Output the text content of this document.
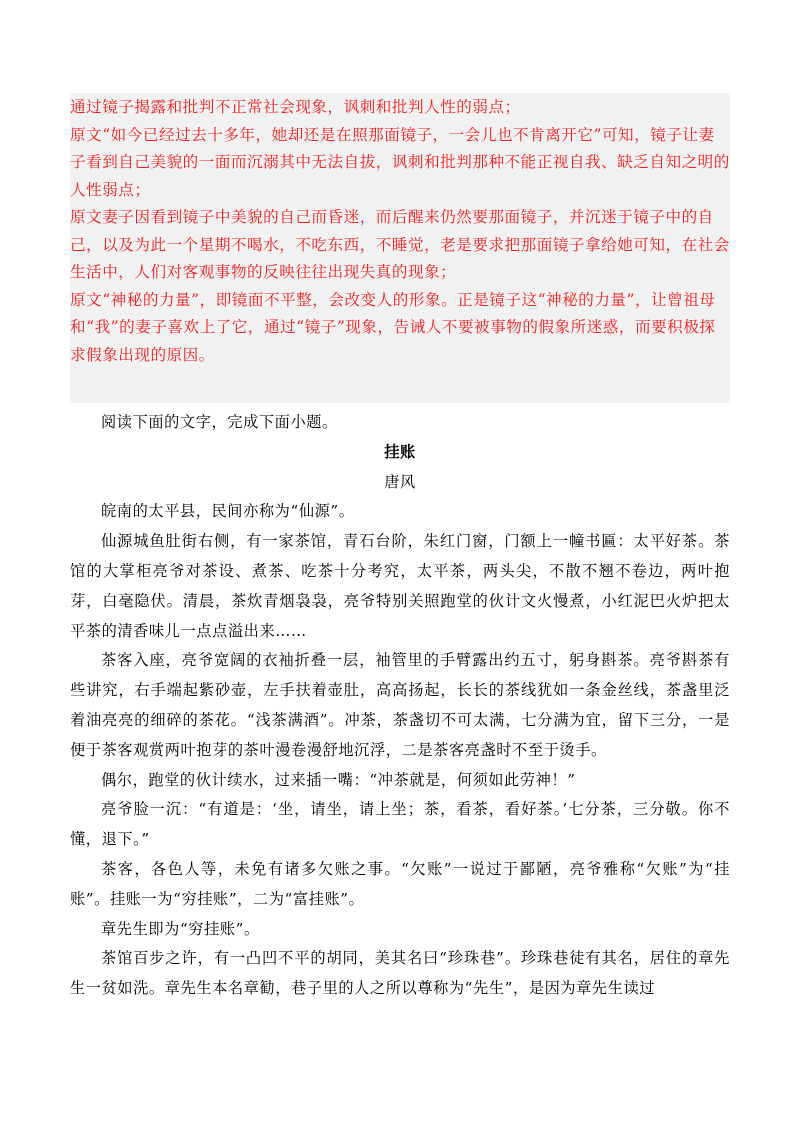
通过镜子揭露和批判不正常社会现象，讽刺和批判人性的弱点；

原文“如今已经过去十多年，她却还是在照那面镜子，一会儿也不肯离开它”可知，镜子让妻子看到自己美貌的一面而沉溺其中无法自拔，讽刺和批判那种不能正视自我、缺乏自知之明的人性弱点；

原文妻子因看到镜子中美貌的自己而昏迷，而后醒来仍然要那面镜子，并沉迷于镜子中的自己，以及为此一个星期不喝水，不吃东西，不睡觉，老是要求把那面镜子拿给她可知，在社会生活中，人们对客观事物的反映往往出现失真的现象；

原文“神秘的力量”，即镜面不平整，会改变人的形象。正是镜子这“神秘的力量”，让曾祖母和“我”的妻子喜欢上了它，通过“镜子”现象，告诫人不要被事物的假象所迷惑，而要积极探求假象出现的原因。

阅读下面的文字，完成下面小题。

挂账

唐风

皖南的太平县，民间亦称为“仙源”。

仙源城鱼肚街右侧，有一家茶馆，青石台阶，朱红门窗，门额上一幢书匾：太平好茶。茶馆的大掌柜亮爷对茶设、煮茶、吃茶十分考究，太平茶，两头尖，不散不翘不卷边，两叶抱芽，白毫隐伏。清晨，茶炊青烟袅袅，亮爷特别关照跑堂的伙计文火慢煮，小红泥巴火炉把太平茶的清香味儿一点点溢出来……

茶客入座，亮爷宽阔的衣袖折叠一层，袖管里的手臂露出约五寸，躬身斟茶。亮爷斟茶有些讲究，右手端起紫砂壶，左手扶着壶肚，高高扬起，长长的茶线犹如一条金丝线，茶盏里泛着油亮亮的细碎的茶花。“浅茶满酒”。冲茶，茶盏切不可太满，七分满为宜，留下三分，一是便于茶客观赏两叶抱芽的茶叶漫卷漫舒地沉浮，二是茶客亮盏时不至于烫手。

偶尔，跑堂的伙计续水，过来插一嘴：“冲茶就是，何须如此劳神！”

亮爷脸一沉：“有道是：‘坐，请坐，请上坐；茶，看茶，看好茶。’七分茶，三分敬。你不懂，退下。”

茶客，各色人等，未免有诸多欠账之事。“欠账”一说过于鄙陋，亮爷雅称“欠账”为“挂账”。挂账一为“穷挂账”，二为“富挂账”。

章先生即为“穷挂账”。

茶馆百步之许，有一凸凹不平的胡同，美其名曰“珍珠巷”。珍珠巷徒有其名，居住的章先生一贫如洗。章先生本名章勧，巷子里的人之所以尊称为“先生”，是因为章先生读过
